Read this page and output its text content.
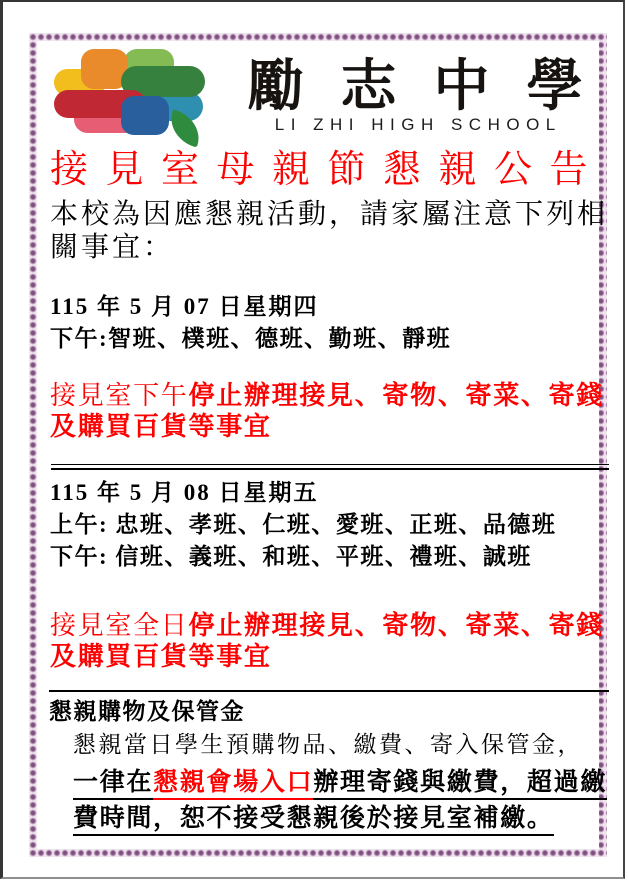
勵志中學
LI ZHI HIGH SCHOOL
接見室母親節懇親公告

本校為因應懇親活動，請家屬注意下列相關事宜：

115 年 5 月 07 日星期四

下午:智班、樸班、德班、勤班、靜班

接見室下午停止辦理接見、寄物、寄菜、寄錢及購買百貨等事宜

115 年 5 月 08 日星期五

上午: 忠班、孝班、仁班、愛班、正班、品德班

下午: 信班、義班、和班、平班、禮班、誠班

接見室全日停止辦理接見、寄物、寄菜、寄錢及購買百貨等事宜

懇親購物及保管金

懇親當日學生預購物品、繳費、寄入保管金，

一律在懇親會場入口辦理寄錢與繳費，超過繳費時間，恕不接受懇親後於接見室補繳。
